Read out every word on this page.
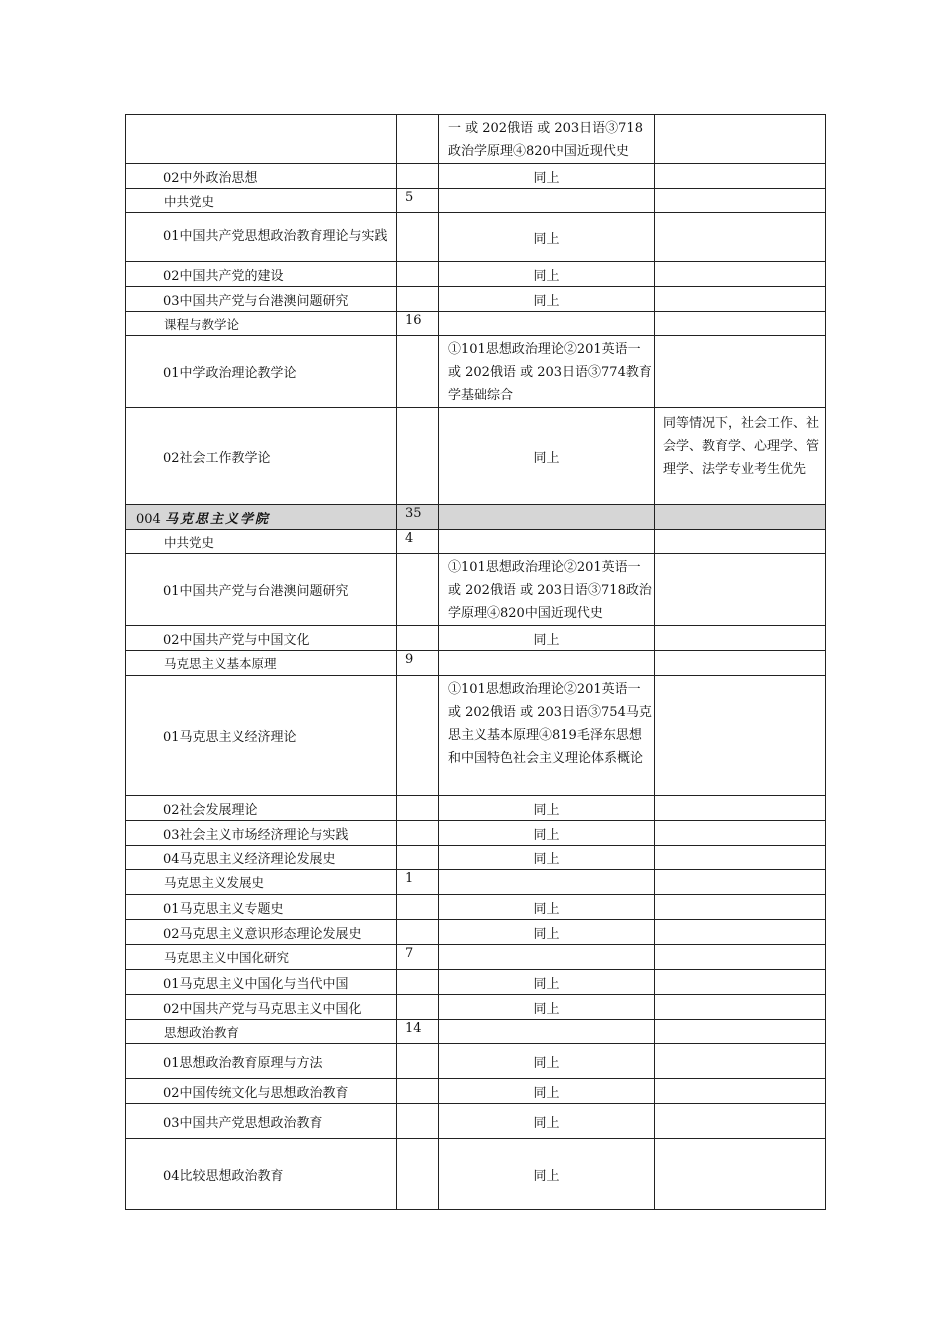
		一 或 202俄语 或 203日语③718政治学原理④820中国近现代史	
02中外政治思想		同上	
中共党史	5		
01中国共产党思想政治教育理论与实践		同上	
02中国共产党的建设		同上	
03中国共产党与台港澳问题研究		同上	
课程与教学论	16		
01中学政治理论教学论		①101思想政治理论②201英语一 或 202俄语 或 203日语③774教育学基础综合	
02社会工作教学论		同上	同等情况下，社会工作、社会学、教育学、心理学、管理学、法学专业考生优先
004 马克思主义学院	35		
中共党史	4		
01中国共产党与台港澳问题研究		①101思想政治理论②201英语一 或 202俄语 或 203日语③718政治学原理④820中国近现代史	
02中国共产党与中国文化		同上	
马克思主义基本原理	9		
01马克思主义经济理论		①101思想政治理论②201英语一 或 202俄语 或 203日语③754马克思主义基本原理④819毛泽东思想和中国特色社会主义理论体系概论	
02社会发展理论		同上	
03社会主义市场经济理论与实践		同上	
04马克思主义经济理论发展史		同上	
马克思主义发展史	1		
01马克思主义专题史		同上	
02马克思主义意识形态理论发展史		同上	
马克思主义中国化研究	7		
01马克思主义中国化与当代中国		同上	
02中国共产党与马克思主义中国化		同上	
思想政治教育	14		
01思想政治教育原理与方法		同上	
02中国传统文化与思想政治教育		同上	
03中国共产党思想政治教育		同上	
04比较思想政治教育		同上	
